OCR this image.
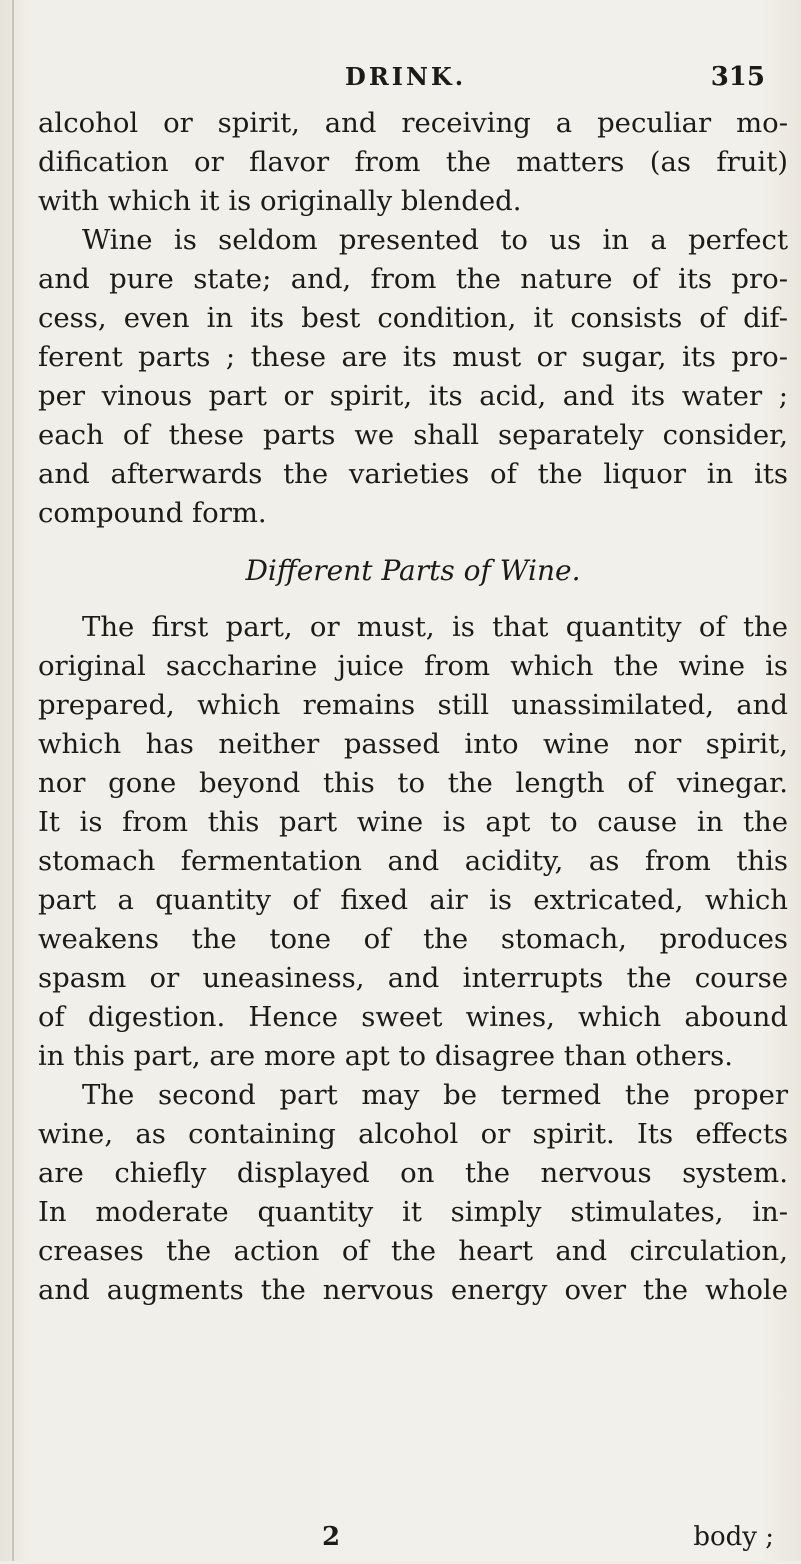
DRINK.	315
alcohol or spirit, and receiving a peculiar mo-
dification or flavor from the matters (as fruit)
with which it is originally blended.
Wine is seldom presented to us in a perfect
and pure state; and, from the nature of its pro-
cess, even in its best condition, it consists of dif-
ferent parts ; these are its must or sugar, its pro-
per vinous part or spirit, its acid, and its water ;
each of these parts we shall separately consider,
and afterwards the varieties of the liquor in its
compound form.
Different Parts of Wine.
The first part, or must, is that quantity of the
original saccharine juice from which the wine is
prepared, which remains still unassimilated, and
which has neither passed into wine nor spirit,
nor gone beyond this to the length of vinegar.
It is from this part wine is apt to cause in the
stomach fermentation and acidity, as from this
part a quantity of fixed air is extricated, which
weakens the tone of the stomach, produces
spasm or uneasiness, and interrupts the course
of digestion. Hence sweet wines, which abound
in this part, are more apt to disagree than others.
The second part may be termed the proper
wine, as containing alcohol or spirit. Its effects
are chiefly displayed on the nervous system.
In moderate quantity it simply stimulates, in-
creases the action of the heart and circulation,
and augments the nervous energy over the whole
2	body ;
